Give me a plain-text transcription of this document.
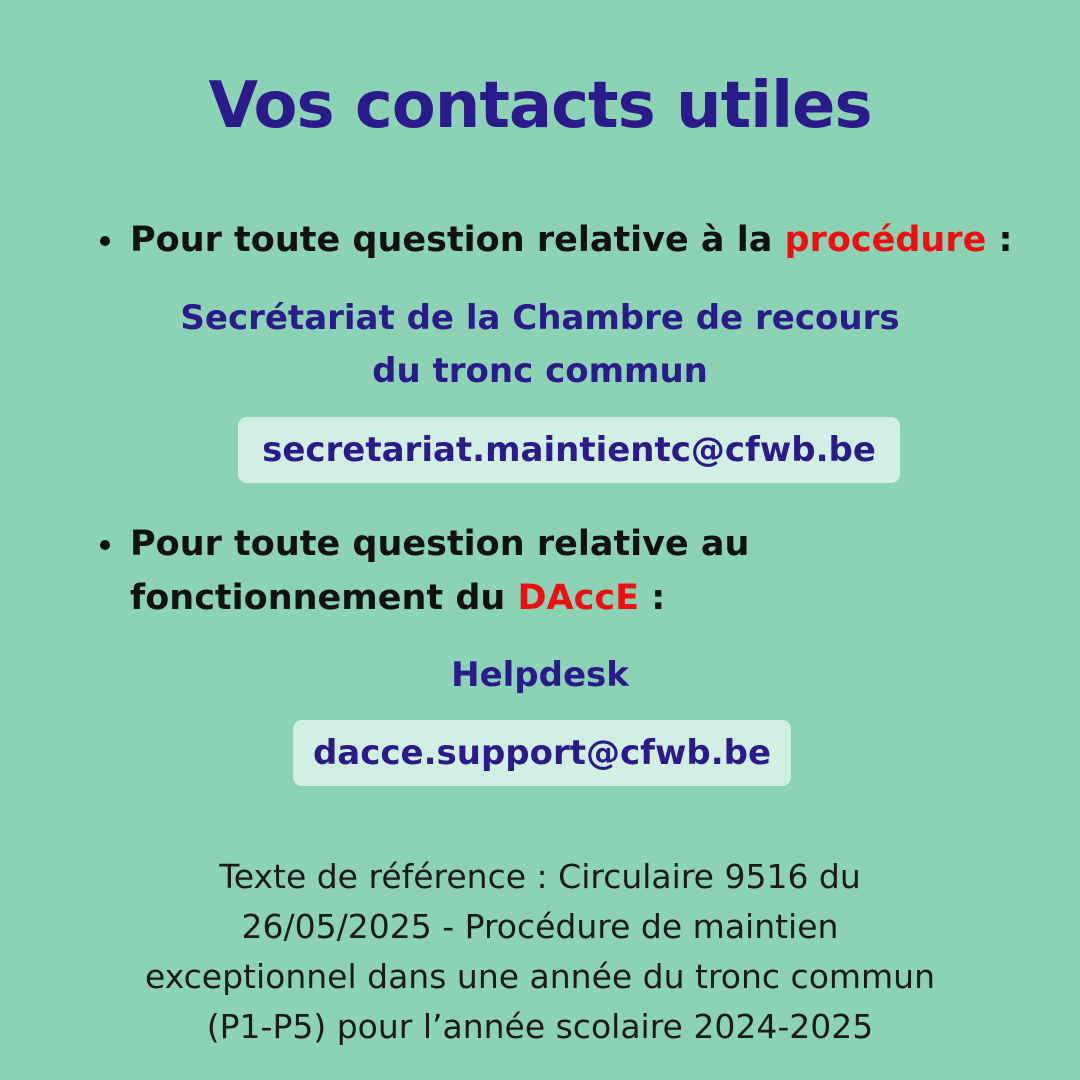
Vos contacts utiles
Pour toute question relative à la procédure :
Secrétariat de la Chambre de recours
du tronc commun
secretariat.maintientc@cfwb.be
Pour toute question relative au
fonctionnement du DAccE :
Helpdesk
dacce.support@cfwb.be
Texte de référence : Circulaire 9516 du
26/05/2025 - Procédure de maintien
exceptionnel dans une année du tronc commun
(P1-P5) pour l’année scolaire 2024-2025
